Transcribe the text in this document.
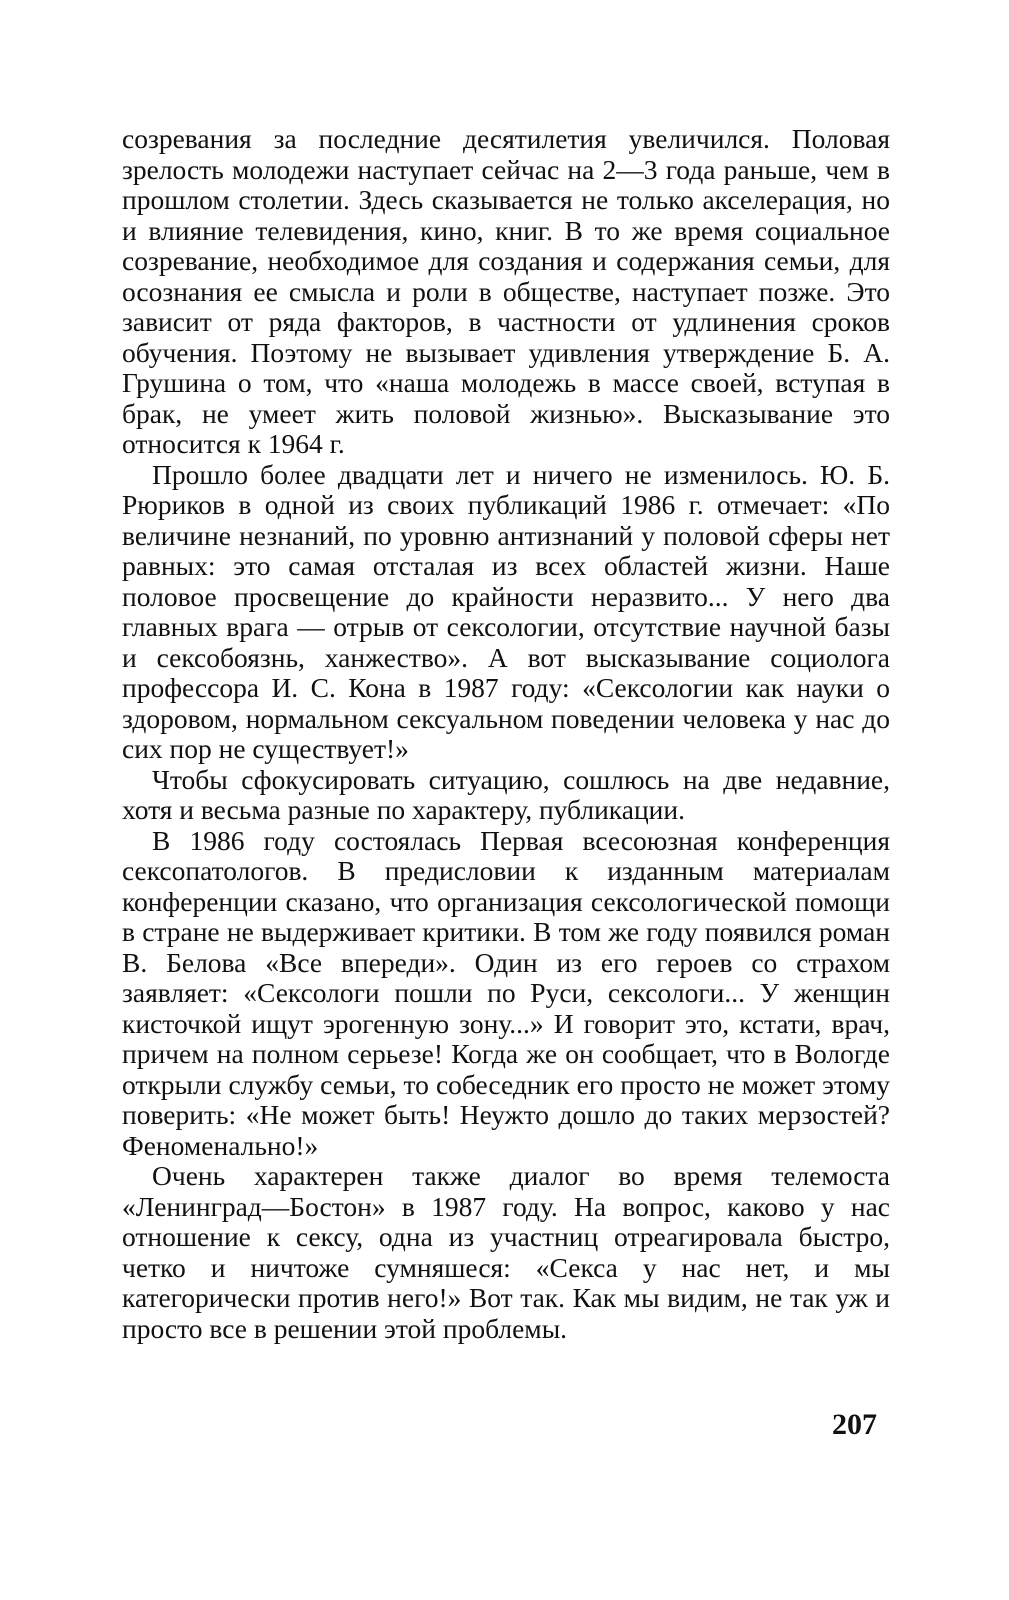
созревания за последние десятилетия увеличился. Половая зрелость молодежи наступает сейчас на 2—3 года раньше, чем в прошлом столетии. Здесь сказывается не только акселерация, но и влияние телевидения, кино, книг. В то же время социальное созревание, необходимое для создания и содержания семьи, для осознания ее смысла и роли в обществе, наступает позже. Это зависит от ряда факторов, в частности от удлинения сроков обучения. Поэтому не вызывает удивления утверждение Б. А. Грушина о том, что «наша молодежь в массе своей, вступая в брак, не умеет жить половой жизнью». Высказывание это относится к 1964 г.

Прошло более двадцати лет и ничего не изменилось. Ю. Б. Рюриков в одной из своих публикаций 1986 г. отмечает: «По величине незнаний, по уровню антизнаний у половой сферы нет равных: это самая отсталая из всех областей жизни. Наше половое просвещение до крайности неразвито... У него два главных врага — отрыв от сексологии, отсутствие научной базы и сексобоязнь, ханжество». А вот высказывание социолога профессора И. С. Кона в 1987 году: «Сексологии как науки о здоровом, нормальном сексуальном поведении человека у нас до сих пор не существует!»

Чтобы сфокусировать ситуацию, сошлюсь на две недавние, хотя и весьма разные по характеру, публикации.

В 1986 году состоялась Первая всесоюзная конференция сексопатологов. В предисловии к изданным материалам конференции сказано, что организация сексологической помощи в стране не выдерживает критики. В том же году появился роман В. Белова «Все впереди». Один из его героев со страхом заявляет: «Сексологи пошли по Руси, сексологи... У женщин кисточкой ищут эрогенную зону...» И говорит это, кстати, врач, причем на полном серьезе! Когда же он сообщает, что в Вологде открыли службу семьи, то собеседник его просто не может этому поверить: «Не может быть! Неужто дошло до таких мерзостей? Феноменально!»

Очень характерен также диалог во время телемоста «Ленинград—Бостон» в 1987 году. На вопрос, каково у нас отношение к сексу, одна из участниц отреагировала быстро, четко и ничтоже сумняшеся: «Секса у нас нет, и мы категорически против него!» Вот так. Как мы видим, не так уж и просто все в решении этой проблемы.

207
